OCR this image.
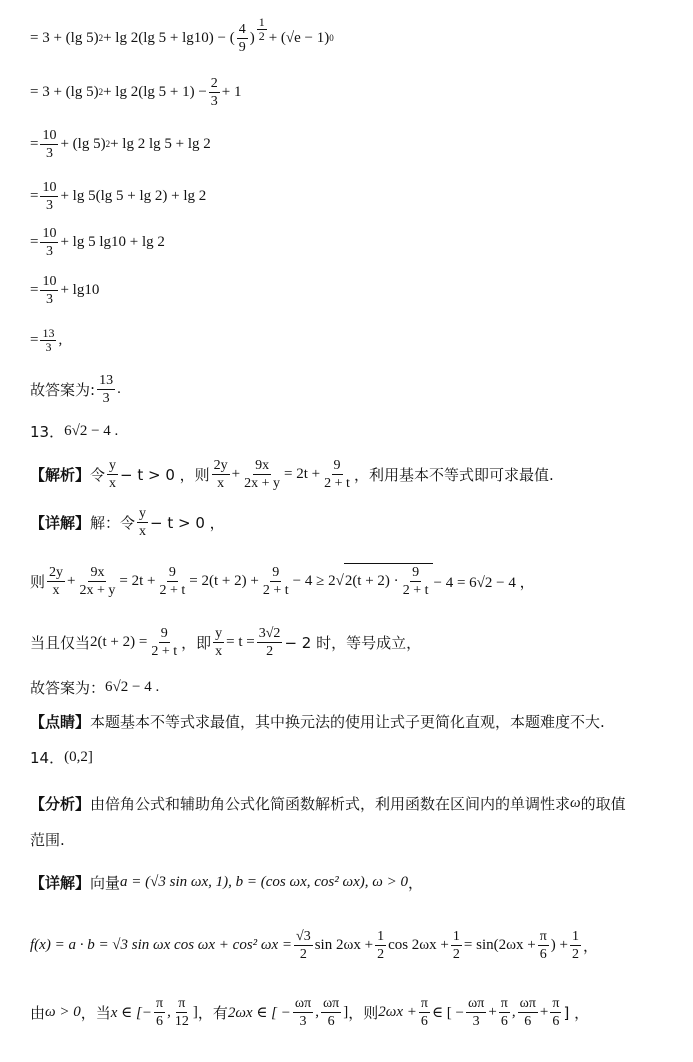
= 3 + (lg 5) 2 + lg 2(lg 5 + lg10) − ( $\frac{4}{9}$ ) $\frac{1}{2} + (√e - 1)$ 0
= 3 + (lg 5) 2 + lg 2(lg $5 + 1) - \frac{2}{3} + 1$
= $\frac{10}{3} + (\lg$ 5) 2 + lg 2 lg 5 + lg 2
= $\frac{10}{3} + \lg 5(\lg$ 5 + lg 2) + lg 2
= $\frac{10}{3} + \lg 5$ lg10 + lg 2
= $\frac{10}{3} + \lg 10$
= $\frac{13}{3}$ ,
故答案为: $\frac{13}{3}$ .
13． 6√2 − 4 .
【解析】 令 $\frac{y}{x} - t > 0$ ，则 $\frac{2y}{x} + \frac{9x}{2x + y} = 2t + \frac{9}{2 + t}$ ，利用基本不等式即可求最值.
【详解】 解：令 $\frac{y}{x} - t > 0$ ，
则 $\frac{2y}{x} + \frac{9x}{2x + y} = 2t + \frac{9}{2 + t} = 2(t + 2) + \frac{9}{2 + t} - 4 \ge 2$ √ $2(t + 2) \cdot \frac{9}{2 + t} - 4 = 6√2 - 4$ ，
当且仅当 $2(t + 2) = \frac{9}{2 + t}$ ，即 $\frac{y}{x} = t = \frac{3√2}{2} - 2$ 时，等号成立，
故答案为： 6√2 − 4 .
【点睛】 本题基本不等式求最值，其中换元法的使用让式子更简化直观，本题难度不大.
14． (0,2]
【分析】 由倍角公式和辅助角公式化简函数解析式，利用函数在区间内的单调性求 ω 的取值
范围.
【详解】 向量 a = (√3 sin ωx, 1), b = (cos ωx, cos² ωx), ω > 0 ，
f(x) = a · b = √3 sin ωx cos ωx + cos² $\omega x = \frac{√3}{2}$ $\sin 2\omega x + \frac{1}{2}$ $\cos 2\omega x + \frac{1}{2} = \sin(2\omega x + \frac{\pi}{6}$ ) + $\frac{1}{2}$ ，
由 ω > 0 ，当 x ∈ [− $\frac{\pi}{6}$ , $\frac{\pi}{12}$ ] ，有 2ωx ∈ [ − $\frac{\omega\pi}{3}$ , $\frac{\omega\pi}{6}$ ] ，则 $2\omega x + \frac{\pi}{6}$ ∈ [ − $\frac{\omega\pi}{3} + \frac{\pi}{6}$ , $\frac{\omega\pi}{6} + \frac{\pi}{6}$ ] ，
